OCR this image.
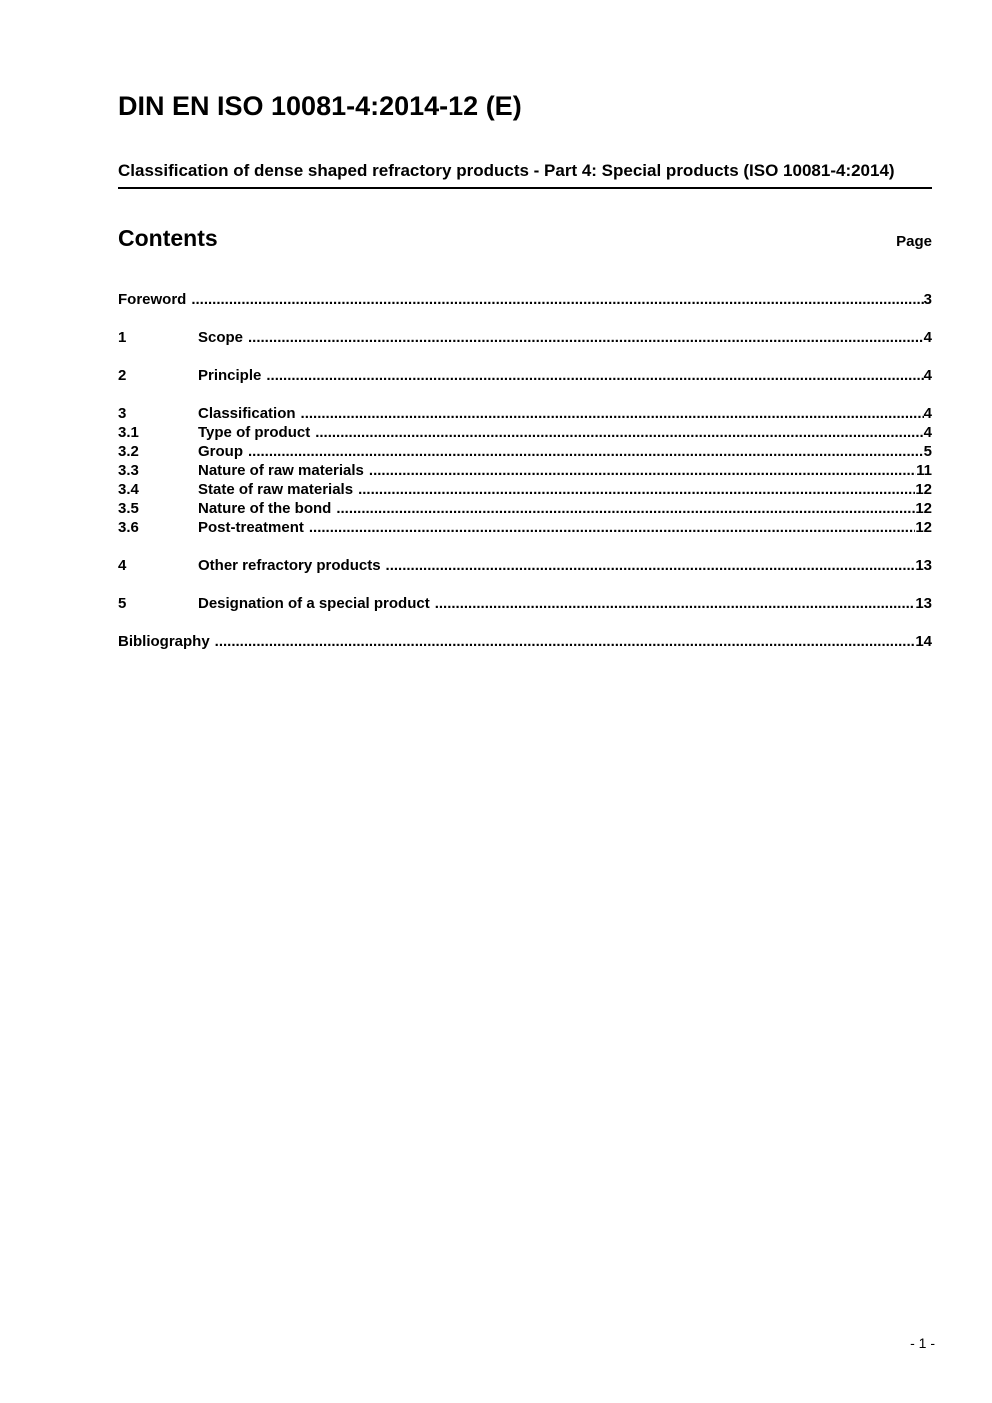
DIN EN ISO 10081-4:2014-12 (E)
Classification of dense shaped refractory products - Part 4: Special products (ISO 10081-4:2014)
Contents	Page
Foreword .....	3
1	Scope .....	4
2	Principle .....	4
3	Classification .....	4
3.1	Type of product .....	4
3.2	Group .....	5
3.3	Nature of raw materials .....	11
3.4	State of raw materials .....	12
3.5	Nature of the bond .....	12
3.6	Post-treatment .....	12
4	Other refractory products .....	13
5	Designation of a special product .....	13
Bibliography .....	14
- 1 -
